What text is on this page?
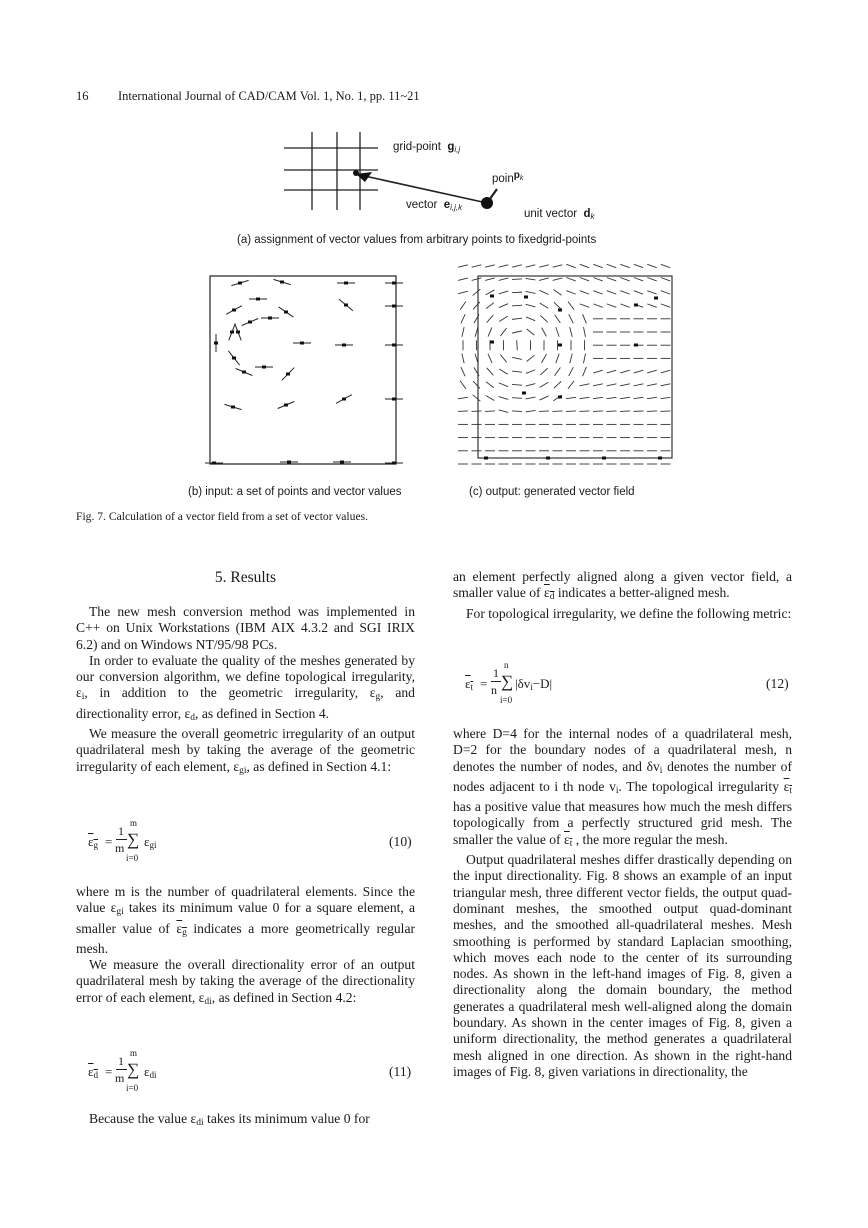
16 International Journal of CAD/CAM Vol. 1, No. 1, pp. 11~21
grid-point $g_{i,j}$
poinp$_k$
vector $e_{i,j,k}$
unit vector $d_k$
(a) assignment of vector values from arbitrary points to fixedgrid-points
(b) input: a set of points and vector values	(c) output: generated vector field
Fig. 7. Calculation of a vector field from a set of vector values.
5. Results

The new mesh conversion method was implemented in C++ on Unix Workstations (IBM AIX 4.3.2 and SGI IRIX 6.2) and on Windows NT/95/98 PCs.

In order to evaluate the quality of the meshes generated by our conversion algorithm, we define topological irregularity, $\varepsilon_i$, in addition to the geometric irregularity, $\varepsilon_g$, and directionality error, $\varepsilon_d$, as defined in Section 4.

We measure the overall geometric irregularity of an output quadrilateral mesh by taking the average of the geometric irregularity of each element, $\varepsilon_{gi}$, as defined in Section 4.1:

$\varepsilon_g$ =
1
m ∑
m
i=0
$\varepsilon_{gi}$	(10)

where m is the number of quadrilateral elements. Since the value $\varepsilon_{gi}$ takes its minimum value 0 for a square element, a smaller value of $\varepsilon_g$ indicates a more geometrically regular mesh.

We measure the overall directionality error of an output quadrilateral mesh by taking the average of the directionality error of each element, $\varepsilon_{di}$, as defined in Section 4.2:

$\varepsilon_d$ =
1
m ∑
m
i=0
$\varepsilon_{di}$	(11)

Because the value $\varepsilon_{di}$ takes its minimum value 0 for

an element perfectly aligned along a given vector field, a smaller value of $\varepsilon_d$ indicates a better-aligned mesh.

For topological irregularity, we define the following metric:

$\varepsilon_t$ =
1
n ∑
n
i=0
$|\delta v_i-D|$	(12)

where D=4 for the internal nodes of a quadrilateral mesh, D=2 for the boundary nodes of a quadrilateral mesh, n denotes the number of nodes, and $\delta v_i$ denotes the number of nodes adjacent to i th node $v_i$. The topological irregularity $\varepsilon_t$ has a positive value that measures how much the mesh differs topologically from a perfectly structured grid mesh. The smaller the value of $\varepsilon_t$ , the more regular the mesh.

Output quadrilateral meshes differ drastically depending on the input directionality. Fig. 8 shows an example of an input triangular mesh, three different vector fields, the output quad-dominant meshes, the smoothed output quad-dominant meshes, and the smoothed all-quadrilateral meshes. Mesh smoothing is performed by standard Laplacian smoothing, which moves each node to the center of its surrounding nodes. As shown in the left-hand images of Fig. 8, given a directionality along the domain boundary, the method generates a quadrilateral mesh well-aligned along the domain boundary. As shown in the center images of Fig. 8, given a uniform directionality, the method generates a quadrilateral mesh aligned in one direction. As shown in the right-hand images of Fig. 8, given variations in directionality, the
